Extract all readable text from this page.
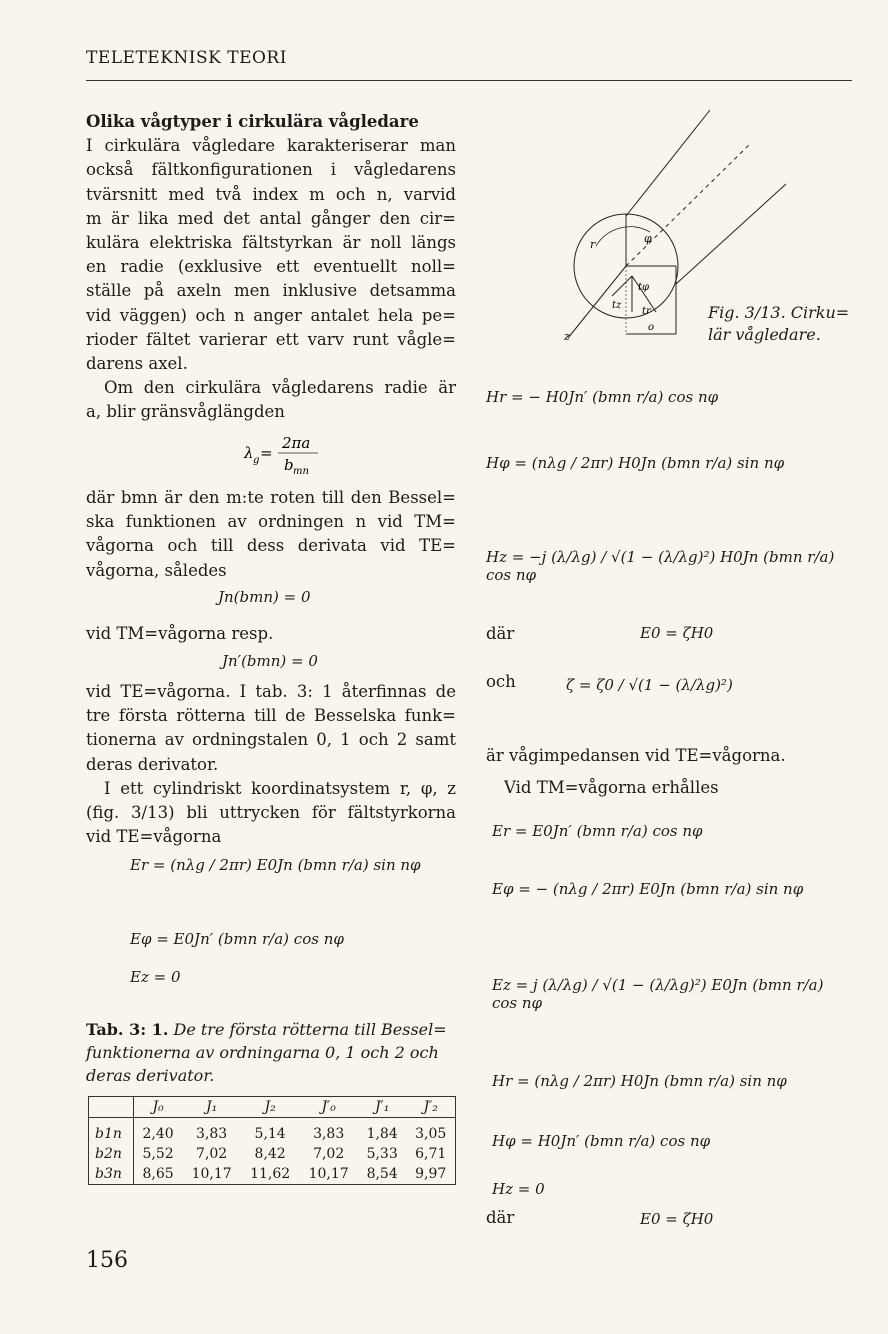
TELETEKNISK TEORI
Olika vågtyper i cirkulära vågledare
I cirkulära vågledare karakteriserar man
också fältkonfigurationen i vågledarens
tvärsnitt med två index m och n, varvid
m är lika med det antal gånger den cir=
kulära elektriska fältstyrkan är noll längs
en radie (exklusive ett eventuellt noll=
ställe på axeln men inklusive detsamma
vid väggen) och n anger antalet hela pe=
rioder fältet varierar ett varv runt vågle=
darens axel.
Om den cirkulära vågledarens radie är
a, blir gränsvåglängden
λ g =
2πa
b mn
där bmn är den m:te roten till den Bessel=
ska funktionen av ordningen n vid TM=
vågorna och till dess derivata vid TE=
vågorna, således
Jn(bmn) = 0
vid TM=vågorna resp.
Jn′(bmn) = 0
vid TE=vågorna. I tab. 3: 1 återfinnas de
tre första rötterna till de Besselska funk=
tionerna av ordningstalen 0, 1 och 2 samt
deras derivator.
I ett cylindriskt koordinatsystem r, φ, z
(fig. 3/13) bli uttrycken för fältstyrkorna
vid TE=vågorna
Er = (nλg / 2πr) E0Jn (bmn r/a) sin nφ
Eφ = E0Jn′ (bmn r/a) cos nφ
Ez = 0
Tab. 3: 1. De tre första rötterna till Bessel= funktionerna av ordningarna 0, 1 och 2 och deras derivator.
	J₀	J₁	J₂	J′₀	J′₁	J′₂
b1n	2,40	3,83	5,14	3,83	1,84	3,05
b2n	5,52	7,02	8,42	7,02	5,33	6,71
b3n	8,65	10,17	11,62	10,17	8,54	9,97
156
r	φ
tφ
tz
tr
z
o
Fig. 3/13. Cirku= lär vågledare.
Hr = − H0Jn′ (bmn r/a) cos nφ
Hφ = (nλg / 2πr) H0Jn (bmn r/a) sin nφ
Hz = −j (λ/λg) / √(1 − (λ/λg)²) H0Jn (bmn r/a) cos nφ
där	E0 = ζH0
och	ζ = ζ0 / √(1 − (λ/λg)²)
är vågimpedansen vid TE=vågorna.
Vid TM=vågorna erhålles
Er = E0Jn′ (bmn r/a) cos nφ
Eφ = − (nλg / 2πr) E0Jn (bmn r/a) sin nφ
Ez = j (λ/λg) / √(1 − (λ/λg)²) E0Jn (bmn r/a) cos nφ
Hr = (nλg / 2πr) H0Jn (bmn r/a) sin nφ
Hφ = H0Jn′ (bmn r/a) cos nφ
Hz = 0
där	E0 = ζH0
